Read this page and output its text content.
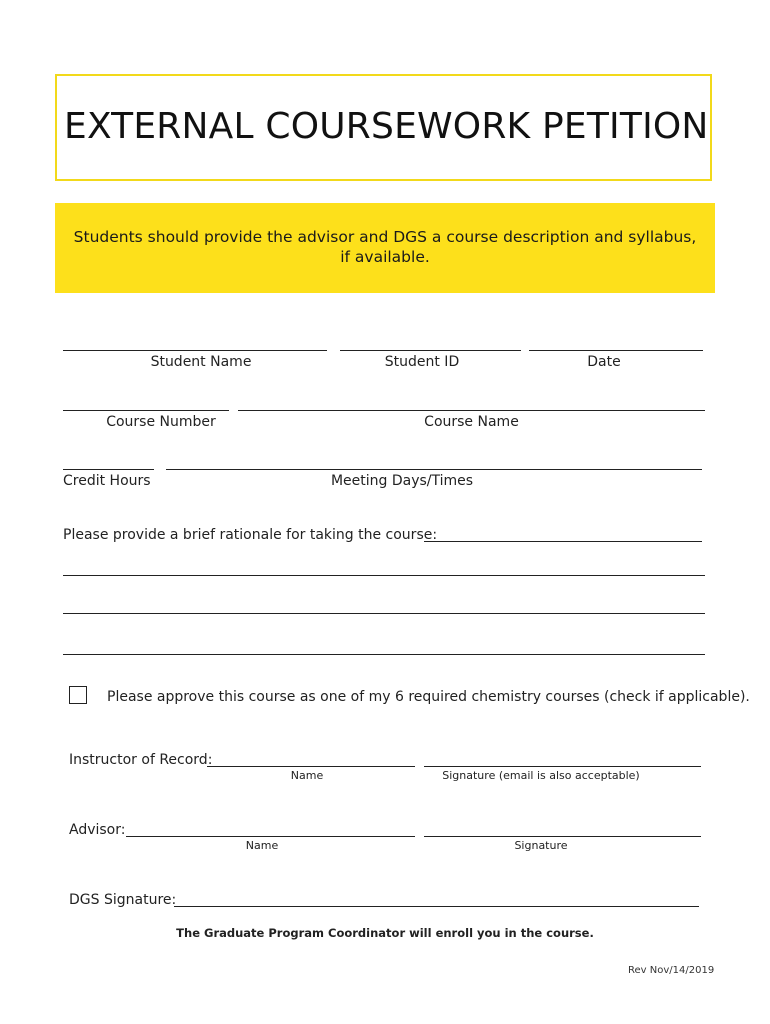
EXTERNAL COURSEWORK PETITION
Students should provide the advisor and DGS a course description and syllabus,
if available.
Student Name	Student ID	Date
Course Number	Course Name
Credit Hours	Meeting Days/Times
Please provide a brief rationale for taking the course:
Please approve this course as one of my 6 required chemistry courses (check if applicable).
Instructor of Record:
Name	Signature (email is also acceptable)
Advisor:
Name	Signature
DGS Signature:
The Graduate Program Coordinator will enroll you in the course.
Rev Nov/14/2019
